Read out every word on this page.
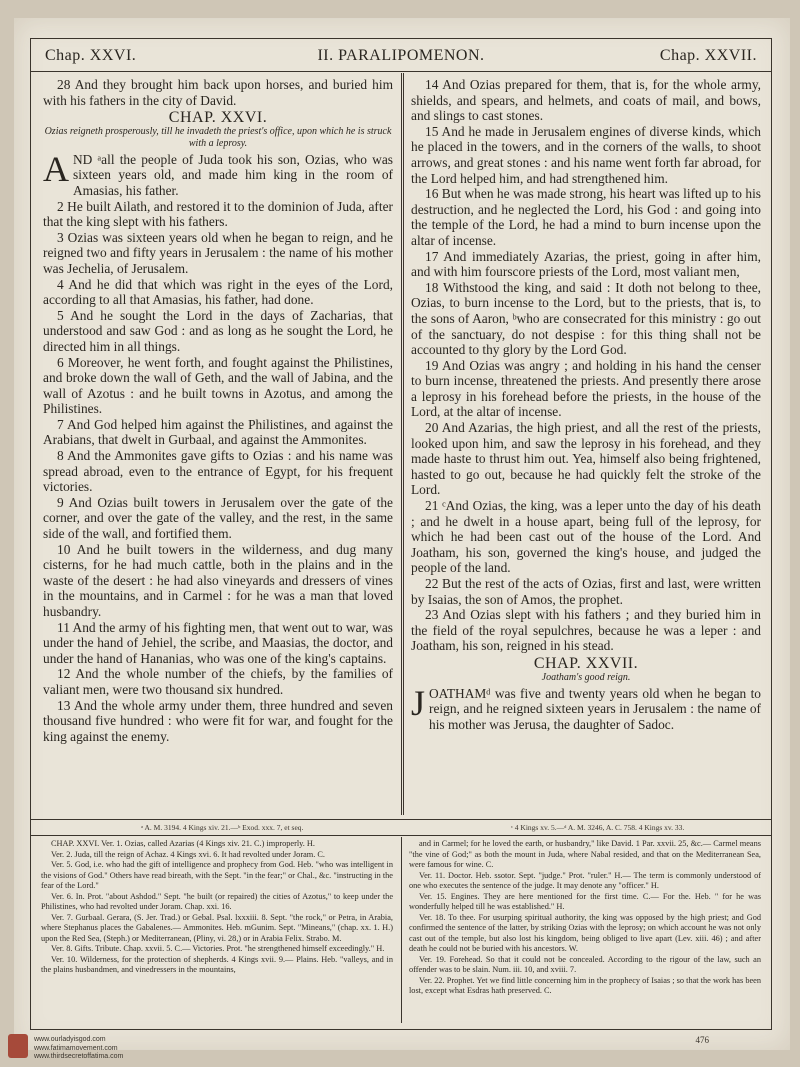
Chap. XXVI.	II. PARALIPOMENON.	Chap. XXVII.

28 And they brought him back upon horses, and buried him with his fathers in the city of David.

CHAP. XXVI.

Ozias reigneth prosperously, till he invadeth the priest's office, upon which he is struck with a leprosy.

AND ᵃall the people of Juda took his son, Ozias, who was sixteen years old, and made him king in the room of Amasias, his father.

2 He built Ailath, and restored it to the dominion of Juda, after that the king slept with his fathers.

3 Ozias was sixteen years old when he began to reign, and he reigned two and fifty years in Jerusalem : the name of his mother was Jechelia, of Jerusalem.

4 And he did that which was right in the eyes of the Lord, according to all that Amasias, his father, had done.

5 And he sought the Lord in the days of Zacharias, that understood and saw God : and as long as he sought the Lord, he directed him in all things.

6 Moreover, he went forth, and fought against the Philistines, and broke down the wall of Geth, and the wall of Jabina, and the wall of Azotus : and he built towns in Azotus, and among the Philistines.

7 And God helped him against the Philistines, and against the Arabians, that dwelt in Gurbaal, and against the Ammonites.

8 And the Ammonites gave gifts to Ozias : and his name was spread abroad, even to the entrance of Egypt, for his frequent victories.

9 And Ozias built towers in Jerusalem over the gate of the corner, and over the gate of the valley, and the rest, in the same side of the wall, and fortified them.

10 And he built towers in the wilderness, and dug many cisterns, for he had much cattle, both in the plains and in the waste of the desert : he had also vineyards and dressers of vines in the mountains, and in Carmel : for he was a man that loved husbandry.

11 And the army of his fighting men, that went out to war, was under the hand of Jehiel, the scribe, and Maasias, the doctor, and under the hand of Hananias, who was one of the king's captains.

12 And the whole number of the chiefs, by the families of valiant men, were two thousand six hundred.

13 And the whole army under them, three hundred and seven thousand five hundred : who were fit for war, and fought for the king against the enemy.

14 And Ozias prepared for them, that is, for the whole army, shields, and spears, and helmets, and coats of mail, and bows, and slings to cast stones.

15 And he made in Jerusalem engines of diverse kinds, which he placed in the towers, and in the corners of the walls, to shoot arrows, and great stones : and his name went forth far abroad, for the Lord helped him, and had strengthened him.

16 But when he was made strong, his heart was lifted up to his destruction, and he neglected the Lord, his God : and going into the temple of the Lord, he had a mind to burn incense upon the altar of incense.

17 And immediately Azarias, the priest, going in after him, and with him fourscore priests of the Lord, most valiant men,

18 Withstood the king, and said : It doth not belong to thee, Ozias, to burn incense to the Lord, but to the priests, that is, to the sons of Aaron, ᵇwho are consecrated for this ministry : go out of the sanctuary, do not despise : for this thing shall not be accounted to thy glory by the Lord God.

19 And Ozias was angry ; and holding in his hand the censer to burn incense, threatened the priests. And presently there arose a leprosy in his forehead before the priests, in the house of the Lord, at the altar of incense.

20 And Azarias, the high priest, and all the rest of the priests, looked upon him, and saw the leprosy in his forehead, and they made haste to thrust him out. Yea, himself also being frightened, hasted to go out, because he had quickly felt the stroke of the Lord.

21 ᶜAnd Ozias, the king, was a leper unto the day of his death ; and he dwelt in a house apart, being full of the leprosy, for which he had been cast out of the house of the Lord. And Joatham, his son, governed the king's house, and judged the people of the land.

22 But the rest of the acts of Ozias, first and last, were written by Isaias, the son of Amos, the prophet.

23 And Ozias slept with his fathers ; and they buried him in the field of the royal sepulchres, because he was a leper : and Joatham, his son, reigned in his stead.

CHAP. XXVII.

Joatham's good reign.

JOATHAMᵈ was five and twenty years old when he began to reign, and he reigned sixteen years in Jerusalem : the name of his mother was Jerusa, the daughter of Sadoc.

ᵃ A. M. 3194. 4 Kings xiv. 21.—ᵇ Exod. xxx. 7, et seq.	ᶜ 4 Kings xv. 5.—ᵈ A. M. 3246, A. C. 758. 4 Kings xv. 33.

CHAP. XXVI. Ver. 1. Ozias, called Azarias (4 Kings xiv. 21. C.) improperly. H.

Ver. 2. Juda, till the reign of Achaz. 4 Kings xvi. 6. It had revolted under Joram. C.

Ver. 5. God, i.e. who had the gift of intelligence and prophecy from God. Heb. "who was intelligent in the visions of God." Others have read bireath, with the Sept. "in the fear;" or Chal., &c. "instructing in the fear of the Lord."

Ver. 6. In. Prot. "about Ashdod." Sept. "he built (or repaired) the cities of Azotus," to keep under the Philistines, who had revolted under Joram. Chap. xxi. 16.

Ver. 7. Gurbaal. Gerara, (S. Jer. Trad.) or Gebal. Psal. lxxxiii. 8. Sept. "the rock," or Petra, in Arabia, where Stephanus places the Gabalenes.— Ammonites. Heb. mGunim. Sept. "Mineans," (chap. xx. 1. H.) upon the Red Sea, (Steph.) or Mediterranean, (Pliny, vi. 28,) or in Arabia Felix. Strabo. M.

Ver. 8. Gifts. Tribute. Chap. xxvii. 5. C.— Victories. Prot. "he strengthened himself exceedingly." H.

Ver. 10. Wilderness, for the protection of shepherds. 4 Kings xvii. 9.— Plains. Heb. "valleys, and in the plains husbandmen, and vinedressers in the mountains,

and in Carmel; for he loved the earth, or husbandry," like David. 1 Par. xxvii. 25, &c.— Carmel means "the vine of God;" as both the mount in Juda, where Nabal resided, and that on the Mediterranean Sea, were famous for wine. C.

Ver. 11. Doctor. Heb. ssotor. Sept. "judge." Prot. "ruler." H.— The term is commonly understood of one who executes the sentence of the judge. It may denote any "officer." H.

Ver. 15. Engines. They are here mentioned for the first time. C.— For the. Heb. " for he was wonderfully helped till he was established." H.

Ver. 18. To thee. For usurping spiritual authority, the king was opposed by the high priest; and God confirmed the sentence of the latter, by striking Ozias with the leprosy; on which account he was not only cast out of the temple, but also lost his kingdom, being obliged to live apart (Lev. xiii. 46) ; and after death he could not be buried with his ancestors. W.

Ver. 19. Forehead. So that it could not be concealed. According to the rigour of the law, such an offender was to be slain. Num. iii. 10, and xviii. 7.

Ver. 22. Prophet. Yet we find little concerning him in the prophecy of Isaias ; so that the work has been lost, except what Esdras hath preserved. C.

476
www.ourladyisgod.com
www.fatimamovement.com
www.thirdsecretoffatima.com
